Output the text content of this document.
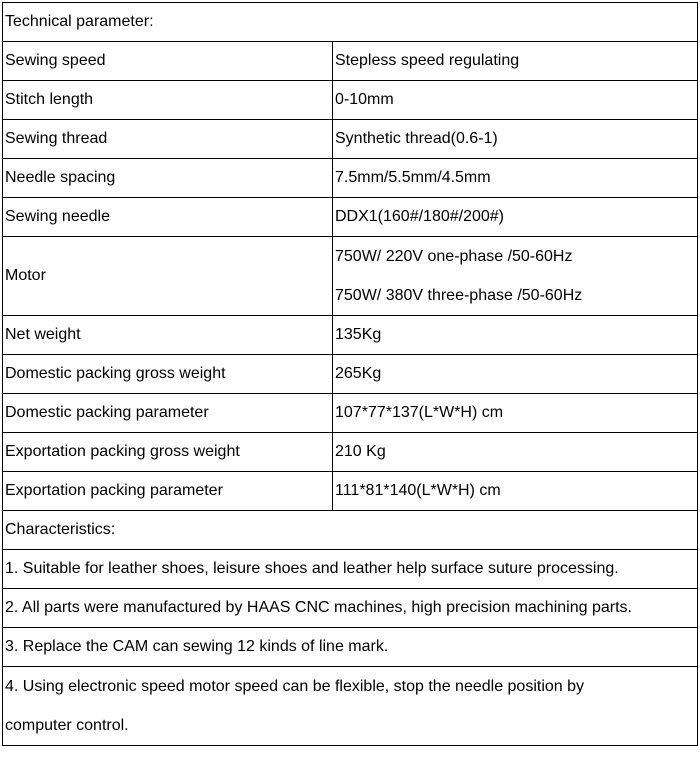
Technical parameter:	
Sewing speed	Stepless speed regulating
Stitch length	0-10mm
Sewing thread	Synthetic thread(0.6-1)
Needle spacing	7.5mm/5.5mm/4.5mm
Sewing needle	DDX1(160#/180#/200#)
Motor	750W/ 220V one-phase /50-60Hz
750W/ 380V three-phase /50-60Hz

Net weight	135Kg
Domestic packing gross weight	265Kg
Domestic packing parameter	107*77*137(L*W*H) cm
Exportation packing gross weight	210 Kg
Exportation packing parameter	111*81*140(L*W*H) cm
Characteristics:	
1. Suitable for leather shoes, leisure shoes and leather help surface suture processing.	
2. All parts were manufactured by HAAS CNC machines, high precision machining parts.	
3. Replace the CAM can sewing 12 kinds of line mark.	

4. Using electronic speed motor speed can be flexible, stop the needle position by
computer control.	
